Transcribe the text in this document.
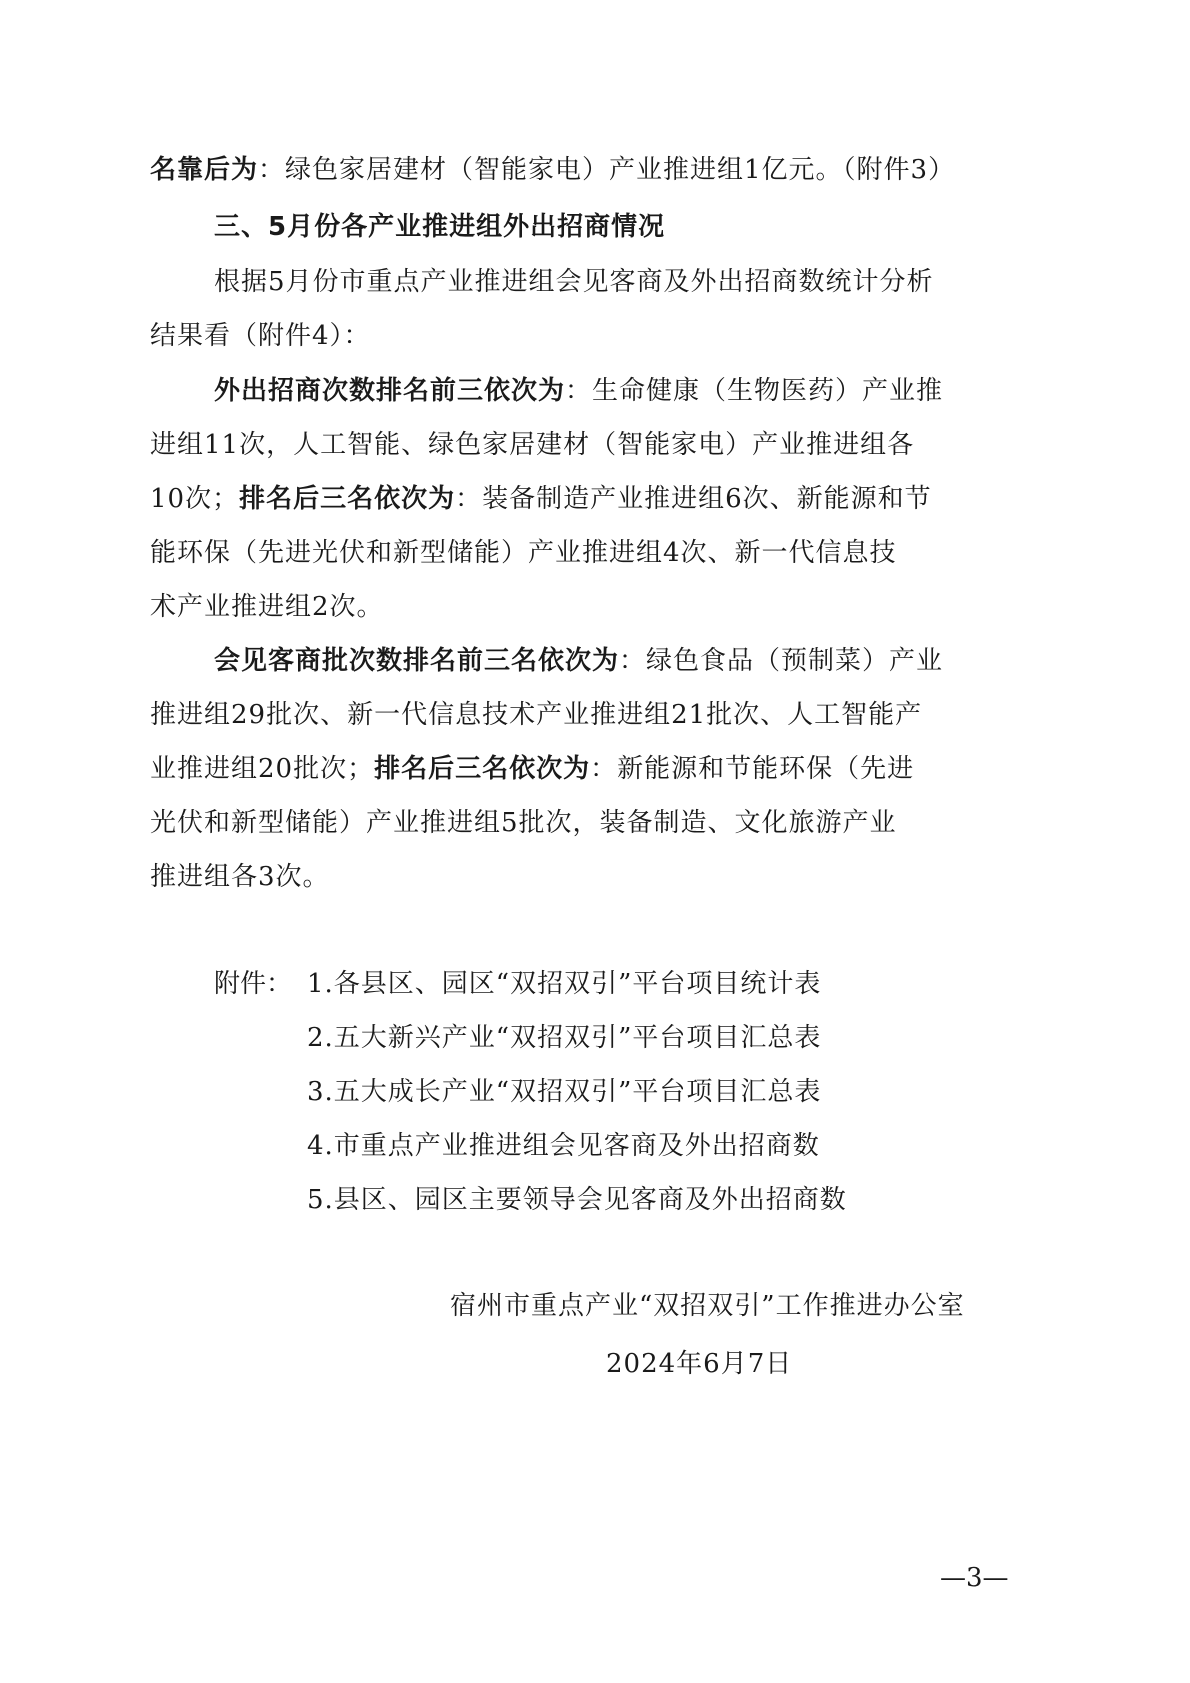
名靠后为：绿色家居建材（智能家电）产业推进组1亿元。（附件3）
三、5月份各产业推进组外出招商情况
根据5月份市重点产业推进组会见客商及外出招商数统计分析
结果看（附件4）：
外出招商次数排名前三依次为：生命健康（生物医药）产业推
进组11次，人工智能、绿色家居建材（智能家电）产业推进组各
10次；排名后三名依次为：装备制造产业推进组6次、新能源和节
能环保（先进光伏和新型储能）产业推进组4次、新一代信息技
术产业推进组2次。
会见客商批次数排名前三名依次为：绿色食品（预制菜）产业
推进组29批次、新一代信息技术产业推进组21批次、人工智能产
业推进组20批次；排名后三名依次为：新能源和节能环保（先进
光伏和新型储能）产业推进组5批次，装备制造、文化旅游产业
推进组各3次。
附件： 1.各县区、园区“双招双引”平台项目统计表
2.五大新兴产业“双招双引”平台项目汇总表
3.五大成长产业“双招双引”平台项目汇总表
4.市重点产业推进组会见客商及外出招商数
5.县区、园区主要领导会见客商及外出招商数
宿州市重点产业“双招双引”工作推进办公室
2024年6月7日
—3—
